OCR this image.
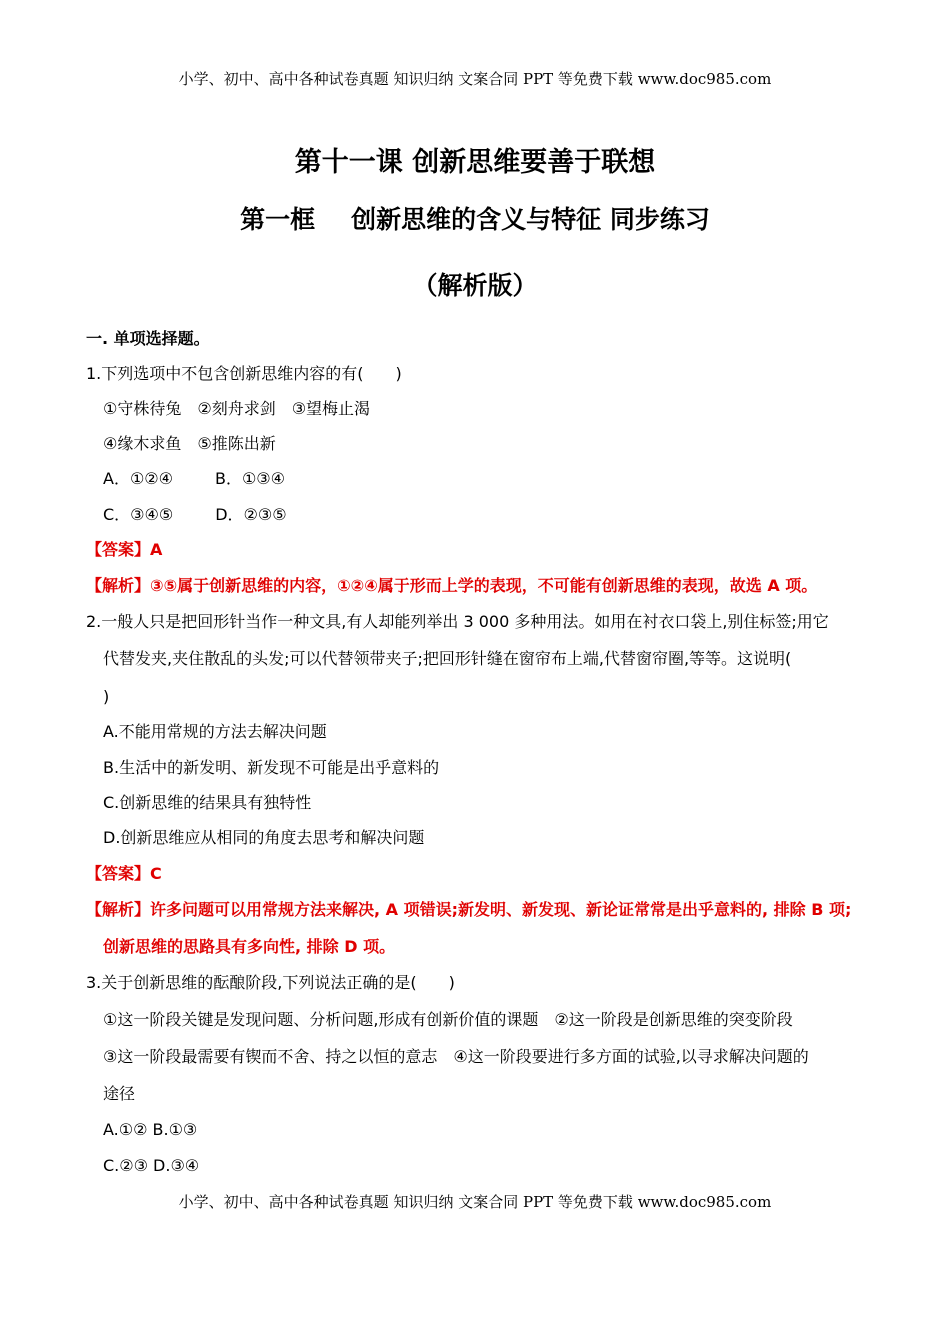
小学、初中、高中各种试卷真题 知识归纳 文案合同 PPT 等免费下载 www.doc985.com
第十一课 创新思维要善于联想
第一框 创新思维的含义与特征 同步练习
（解析版）
一. 单项选择题。
1.下列选项中不包含创新思维内容的有(　　)
①守株待兔　②刻舟求剑　③望梅止渴
④缘木求鱼　⑤推陈出新
A．①②④	B．①③④
C．③④⑤	D．②③⑤
【答案】A
【解析】③⑤属于创新思维的内容，①②④属于形而上学的表现，不可能有创新思维的表现，故选 A 项。
2.一般人只是把回形针当作一种文具,有人却能列举出 3 000 多种用法。如用在衬衣口袋上,别住标签;用它
代替发夹,夹住散乱的头发;可以代替领带夹子;把回形针缝在窗帘布上端,代替窗帘圈,等等。这说明(
)
A.不能用常规的方法去解决问题
B.生活中的新发明、新发现不可能是出乎意料的
C.创新思维的结果具有独特性
D.创新思维应从相同的角度去思考和解决问题
【答案】C
【解析】许多问题可以用常规方法来解决, A 项错误;新发明、新发现、新论证常常是出乎意料的, 排除 B 项;
创新思维的思路具有多向性, 排除 D 项。
3.关于创新思维的酝酿阶段,下列说法正确的是(　　)
①这一阶段关键是发现问题、分析问题,形成有创新价值的课题　②这一阶段是创新思维的突变阶段
③这一阶段最需要有锲而不舍、持之以恒的意志　④这一阶段要进行多方面的试验,以寻求解决问题的
途径
A.①② B.①③
C.②③ D.③④
小学、初中、高中各种试卷真题 知识归纳 文案合同 PPT 等免费下载 www.doc985.com
